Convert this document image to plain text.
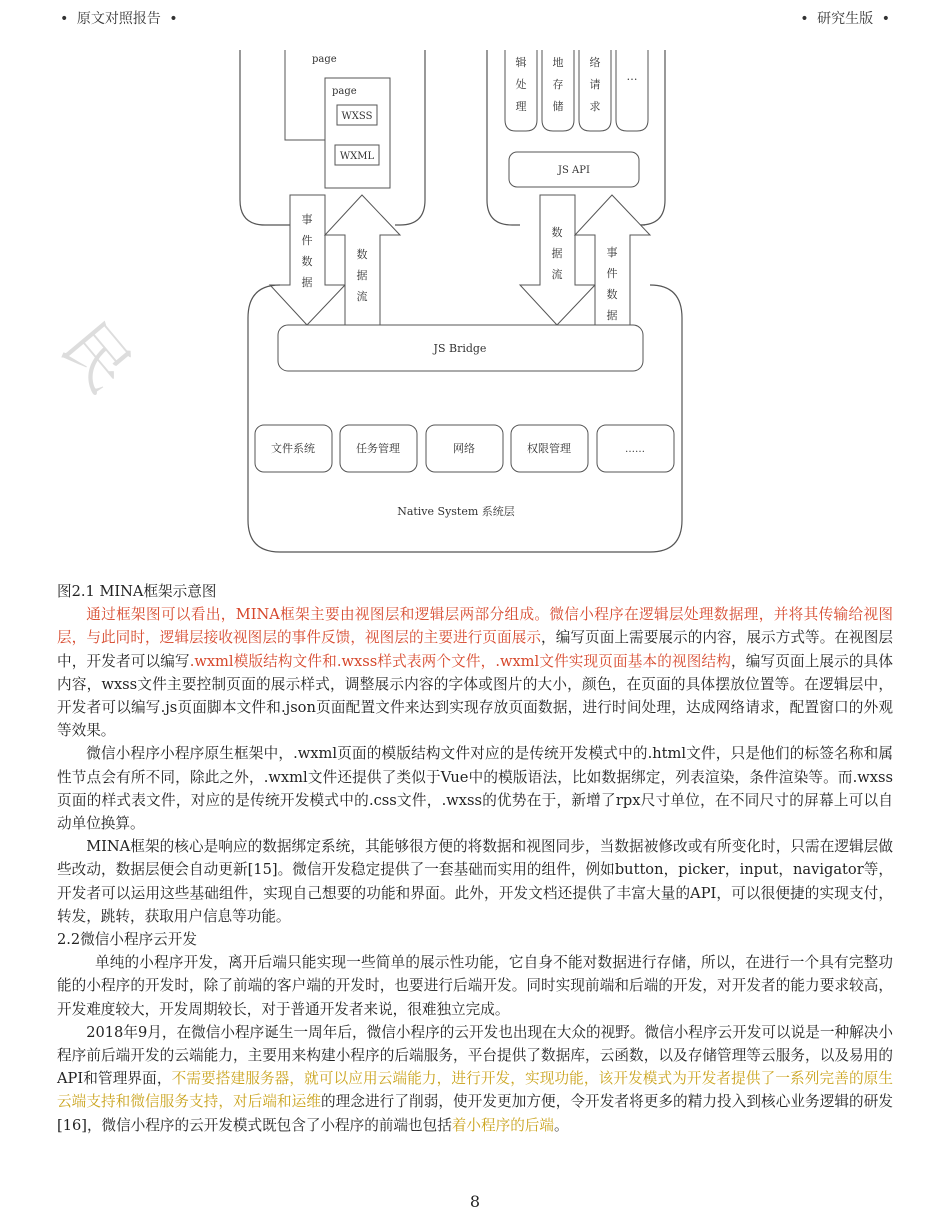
• 原文对照报告 •	• 研究生版 •
民
page
page
WXSS
WXML
辑处理
地存储
络请求
…
JS API
事件数据
数据流
数据流
事件数据
JS Bridge
文件系统	任务管理	网络	权限管理	……
Native System 系统层

图2.1 MINA框架示意图

通过框架图可以看出，MINA框架主要由视图层和逻辑层两部分组成。微信小程序在逻辑层处理数据理，并将其传输给视图层，与此同时，逻辑层接收视图层的事件反馈，视图层的主要进行页面展示，编写页面上需要展示的内容，展示方式等。在视图层中，开发者可以编写.wxml模版结构文件和.wxss样式表两个文件，.wxml文件实现页面基本的视图结构，编写页面上展示的具体内容，wxss文件主要控制页面的展示样式，调整展示内容的字体或图片的大小，颜色，在页面的具体摆放位置等。在逻辑层中，开发者可以编写.js页面脚本文件和.json页面配置文件来达到实现存放页面数据，进行时间处理，达成网络请求，配置窗口的外观等效果。

微信小程序小程序原生框架中，.wxml页面的模版结构文件对应的是传统开发模式中的.html文件，只是他们的标签名称和属性节点会有所不同，除此之外，.wxml文件还提供了类似于Vue中的模版语法，比如数据绑定，列表渲染，条件渲染等。而.wxss页面的样式表文件，对应的是传统开发模式中的.css文件，.wxss的优势在于，新增了rpx尺寸单位，在不同尺寸的屏幕上可以自动单位换算。

MINA框架的核心是响应的数据绑定系统，其能够很方便的将数据和视图同步，当数据被修改或有所变化时，只需在逻辑层做些改动，数据层便会自动更新[15]。微信开发稳定提供了一套基础而实用的组件，例如button，picker，input，navigator等，开发者可以运用这些基础组件，实现自己想要的功能和界面。此外，开发文档还提供了丰富大量的API，可以很便捷的实现支付，转发，跳转，获取用户信息等功能。

2.2微信小程序云开发

单纯的小程序开发，离开后端只能实现一些简单的展示性功能，它自身不能对数据进行存储，所以，在进行一个具有完整功能的小程序的开发时，除了前端的客户端的开发时，也要进行后端开发。同时实现前端和后端的开发，对开发者的能力要求较高，开发难度较大，开发周期较长，对于普通开发者来说，很难独立完成。

2018年9月，在微信小程序诞生一周年后，微信小程序的云开发也出现在大众的视野。微信小程序云开发可以说是一种解决小程序前后端开发的云端能力，主要用来构建小程序的后端服务，平台提供了数据库，云函数，以及存储管理等云服务，以及易用的API和管理界面，不需要搭建服务器，就可以应用云端能力，进行开发，实现功能，该开发模式为开发者提供了一系列完善的原生云端支持和微信服务支持，对后端和运维的理念进行了削弱，使开发更加方便，令开发者将更多的精力投入到核心业务逻辑的研发[16]，微信小程序的云开发模式既包含了小程序的前端也包括着小程序的后端。

8
